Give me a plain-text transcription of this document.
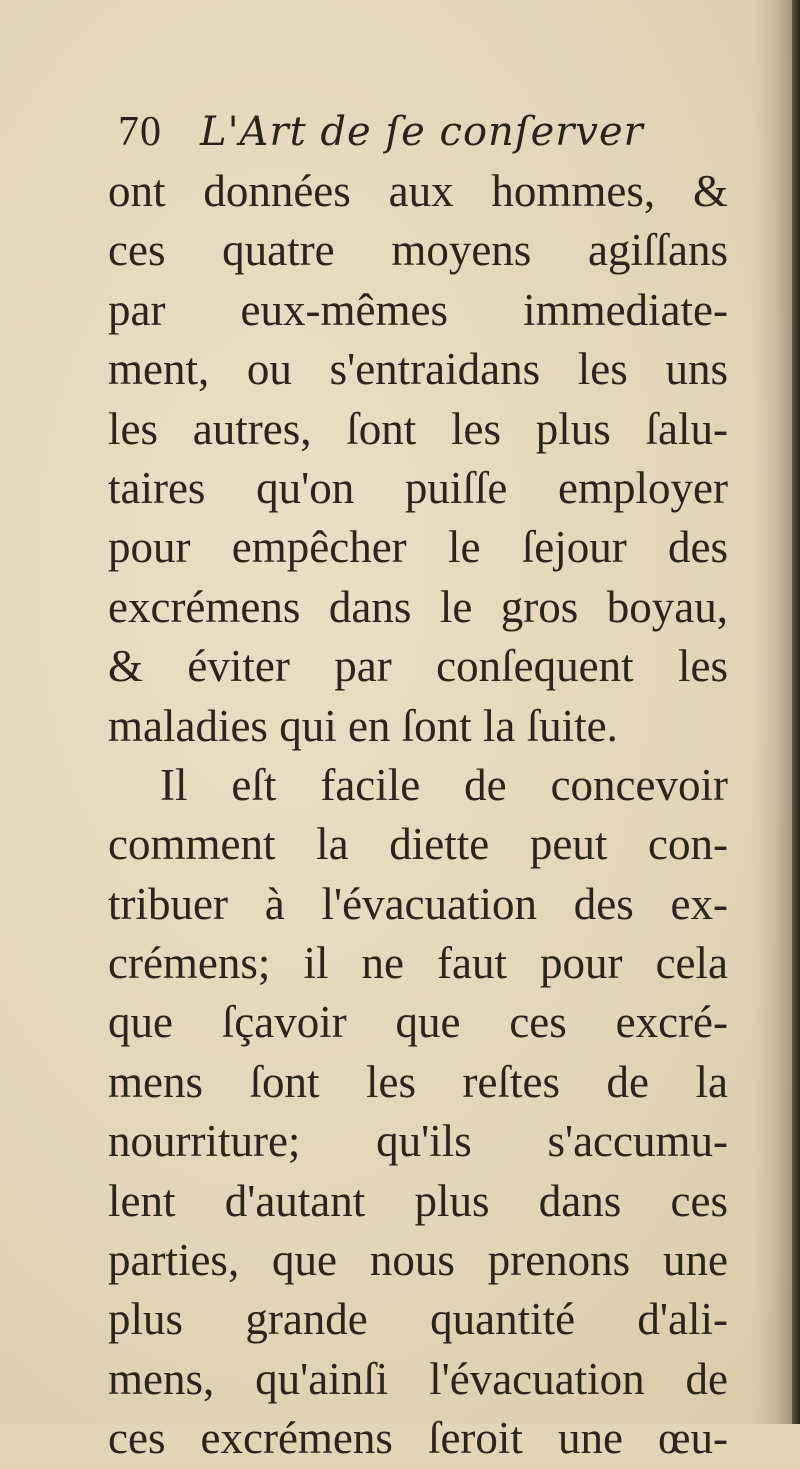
70 L'Art de ſe conſerver
ont données aux hommes, &
ces quatre moyens agiſſans
par eux-mêmes immediate-
ment, ou s'entraidans les uns
les autres, ſont les plus ſalu-
taires qu'on puiſſe employer
pour empêcher le ſejour des
excrémens dans le gros boyau,
& éviter par conſequent les
maladies qui en ſont la ſuite.
Il eſt facile de concevoir
comment la diette peut con-
tribuer à l'évacuation des ex-
crémens; il ne faut pour cela
que ſçavoir que ces excré-
mens ſont les reſtes de la
nourriture; qu'ils s'accumu-
lent d'autant plus dans ces
parties, que nous prenons une
plus grande quantité d'ali-
mens, qu'ainſi l'évacuation de
ces excrémens ſeroit une œu-
